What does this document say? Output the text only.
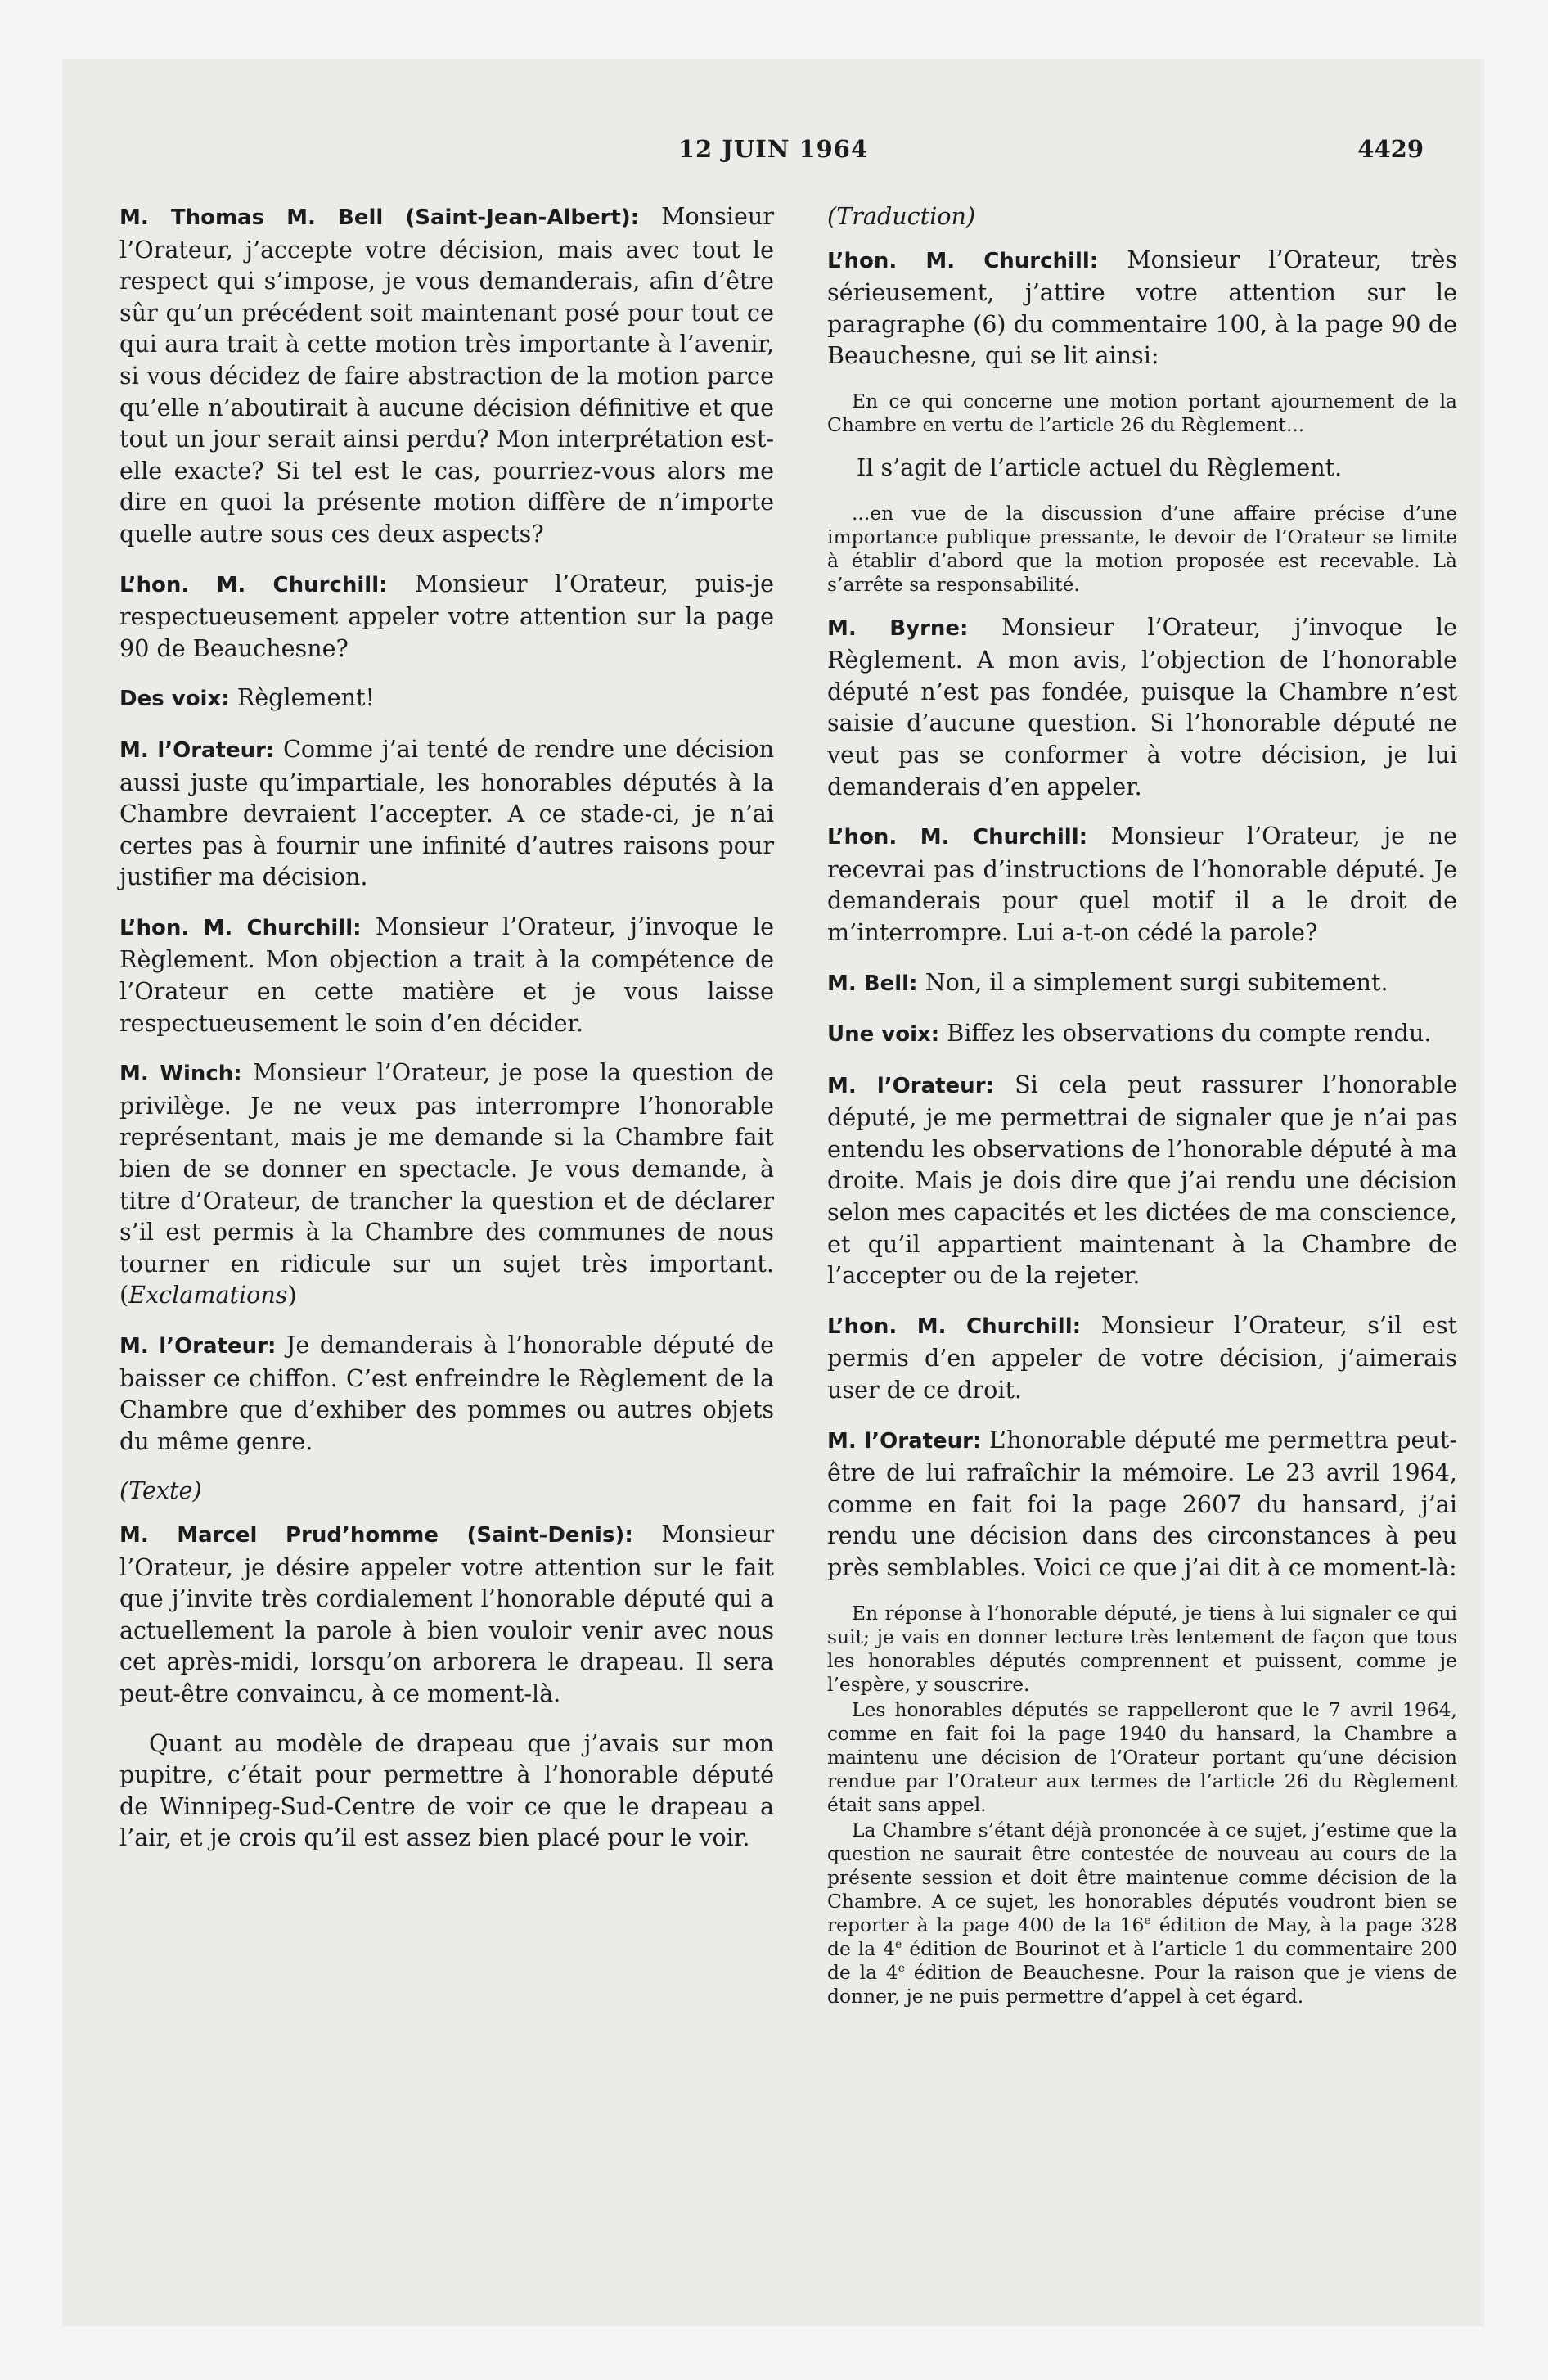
12 JUIN 1964	4429

M. Thomas M. Bell (Saint-Jean-Albert): Monsieur l’Orateur, j’accepte votre décision, mais avec tout le respect qui s’impose, je vous demanderais, afin d’être sûr qu’un précédent soit maintenant posé pour tout ce qui aura trait à cette motion très importante à l’avenir, si vous décidez de faire abstraction de la motion parce qu’elle n’aboutirait à aucune décision définitive et que tout un jour serait ainsi perdu? Mon interprétation est-elle exacte? Si tel est le cas, pourriez-vous alors me dire en quoi la présente motion diffère de n’importe quelle autre sous ces deux aspects?

L’hon. M. Churchill: Monsieur l’Orateur, puis-je respectueusement appeler votre attention sur la page 90 de Beauchesne?

Des voix: Règlement!

M. l’Orateur: Comme j’ai tenté de rendre une décision aussi juste qu’impartiale, les honorables députés à la Chambre devraient l’accepter. A ce stade-ci, je n’ai certes pas à fournir une infinité d’autres raisons pour justifier ma décision.

L’hon. M. Churchill: Monsieur l’Orateur, j’invoque le Règlement. Mon objection a trait à la compétence de l’Orateur en cette matière et je vous laisse respectueusement le soin d’en décider.

M. Winch: Monsieur l’Orateur, je pose la question de privilège. Je ne veux pas interrompre l’honorable représentant, mais je me demande si la Chambre fait bien de se donner en spectacle. Je vous demande, à titre d’Orateur, de trancher la question et de déclarer s’il est permis à la Chambre des communes de nous tourner en ridicule sur un sujet très important. (Exclamations)

M. l’Orateur: Je demanderais à l’honorable député de baisser ce chiffon. C’est enfreindre le Règlement de la Chambre que d’exhiber des pommes ou autres objets du même genre.

(Texte)

M. Marcel Prud’homme (Saint-Denis): Monsieur l’Orateur, je désire appeler votre attention sur le fait que j’invite très cordialement l’honorable député qui a actuellement la parole à bien vouloir venir avec nous cet après-midi, lorsqu’on arborera le drapeau. Il sera peut-être convaincu, à ce moment-là.

Quant au modèle de drapeau que j’avais sur mon pupitre, c’était pour permettre à l’honorable député de Winnipeg-Sud-Centre de voir ce que le drapeau a l’air, et je crois qu’il est assez bien placé pour le voir.

(Traduction)

L’hon. M. Churchill: Monsieur l’Orateur, très sérieusement, j’attire votre attention sur le paragraphe (6) du commentaire 100, à la page 90 de Beauchesne, qui se lit ainsi:

En ce qui concerne une motion portant ajournement de la Chambre en vertu de l’article 26 du Règlement...

Il s’agit de l’article actuel du Règlement.

...en vue de la discussion d’une affaire précise d’une importance publique pressante, le devoir de l’Orateur se limite à établir d’abord que la motion proposée est recevable. Là s’arrête sa responsabilité.

M. Byrne: Monsieur l’Orateur, j’invoque le Règlement. A mon avis, l’objection de l’honorable député n’est pas fondée, puisque la Chambre n’est saisie d’aucune question. Si l’honorable député ne veut pas se conformer à votre décision, je lui demanderais d’en appeler.

L’hon. M. Churchill: Monsieur l’Orateur, je ne recevrai pas d’instructions de l’honorable député. Je demanderais pour quel motif il a le droit de m’interrompre. Lui a-t-on cédé la parole?

M. Bell: Non, il a simplement surgi subitement.

Une voix: Biffez les observations du compte rendu.

M. l’Orateur: Si cela peut rassurer l’honorable député, je me permettrai de signaler que je n’ai pas entendu les observations de l’honorable député à ma droite. Mais je dois dire que j’ai rendu une décision selon mes capacités et les dictées de ma conscience, et qu’il appartient maintenant à la Chambre de l’accepter ou de la rejeter.

L’hon. M. Churchill: Monsieur l’Orateur, s’il est permis d’en appeler de votre décision, j’aimerais user de ce droit.

M. l’Orateur: L’honorable député me permettra peut-être de lui rafraîchir la mémoire. Le 23 avril 1964, comme en fait foi la page 2607 du hansard, j’ai rendu une décision dans des circonstances à peu près semblables. Voici ce que j’ai dit à ce moment-là:

En réponse à l’honorable député, je tiens à lui signaler ce qui suit; je vais en donner lecture très lentement de façon que tous les honorables députés comprennent et puissent, comme je l’espère, y souscrire.

Les honorables députés se rappelleront que le 7 avril 1964, comme en fait foi la page 1940 du hansard, la Chambre a maintenu une décision de l’Orateur portant qu’une décision rendue par l’Orateur aux termes de l’article 26 du Règlement était sans appel.

La Chambre s’étant déjà prononcée à ce sujet, j’estime que la question ne saurait être contestée de nouveau au cours de la présente session et doit être maintenue comme décision de la Chambre. A ce sujet, les honorables députés voudront bien se reporter à la page 400 de la 16e édition de May, à la page 328 de la 4e édition de Bourinot et à l’article 1 du commentaire 200 de la 4e édition de Beauchesne. Pour la raison que je viens de donner, je ne puis permettre d’appel à cet égard.
